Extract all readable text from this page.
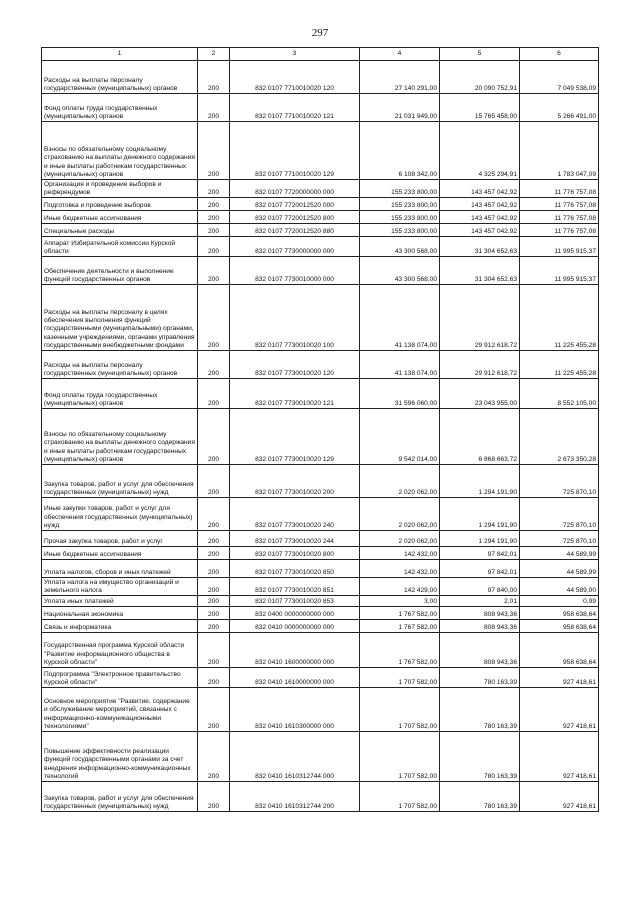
297
1	2	3	4	5	6
Расходы на выплаты персоналу государственных (муниципальных) органов	200	832 0107 7710010020 120	27 140 291,00	20 090 752,91	7 049 538,09
Фонд оплаты труда государственных (муниципальных) органов	200	832 0107 7710010020 121	21 031 949,00	15 765 458,00	5 266 491,00
Взносы по обязательному социальному страхованию на выплаты денежного содержания и иные выплаты работникам государственных (муниципальных) органов	200	832 0107 7710010020 129	6 108 342,00	4 325 294,91	1 783 047,09
Организация и проведение выборов и референдумов	200	832 0107 7720000000 000	155 233 800,00	143 457 042,92	11 776 757,08
Подготовка и проведение выборов	200	832 0107 7720012520 000	155 233 800,00	143 457 042,92	11 776 757,08
Иные бюджетные ассигнования	200	832 0107 7720012520 800	155 233 800,00	143 457 042,92	11 776 757,08
Специальные расходы	200	832 0107 7720012520 880	155 233 800,00	143 457 042,92	11 776 757,08
Аппарат Избирательной комиссии Курской области	200	832 0107 7730000000 000	43 300 568,00	31 304 652,63	11 995 915,37
Обеспечение деятельности и выполнение функций государственных органов	200	832 0107 7730010000 000	43 300 568,00	31 304 652,63	11 995 915,37
Расходы на выплаты персоналу в целях обеспечения выполнения функций государственными (муниципальными) органами, казенными учреждениями, органами управления государственными внебюджетными фондами	200	832 0107 7730010020 100	41 138 074,00	29 912 618,72	11 225 455,28
Расходы на выплаты персоналу государственных (муниципальных) органов	200	832 0107 7730010020 120	41 138 074,00	29 912 618,72	11 225 455,28
Фонд оплаты труда государственных (муниципальных) органов	200	832 0107 7730010020 121	31 596 060,00	23 043 955,00	8 552 105,00
Взносы по обязательному социальному страхованию на выплаты денежного содержания и иные выплаты работникам государственных (муниципальных) органов	200	832 0107 7730010020 129	9 542 014,00	6 868 663,72	2 673 350,28
Закупка товаров, работ и услуг для обеспечения государственных (муниципальных) нужд	200	832 0107 7730010020 200	2 020 062,00	1 294 191,90	725 870,10
Иные закупки товаров, работ и услуг для обеспечения государственных (муниципальных) нужд	200	832 0107 7730010020 240	2 020 062,00	1 294 191,90	725 870,10
Прочая закупка товаров, работ и услуг	200	832 0107 7730010020 244	2 020 062,00	1 294 191,90	725 870,10
Иные бюджетные ассигнования	200	832 0107 7730010020 800	142 432,00	97 842,01	44 589,99
Уплата налогов, сборов и иных платежей	200	832 0107 7730010020 850	142 432,00	97 842,01	44 589,99
Уплата налога на имущество организаций и земельного налога	200	832 0107 7730010020 851	142 429,00	97 840,00	44 589,00
Уплата иных платежей	200	832 0107 7730010020 853	3,00	2,01	0,99
Национальная экономика	200	832 0400 0000000000 000	1 767 582,00	808 943,36	958 638,64
Связь и информатика	200	832 0410 0000000000 000	1 767 582,00	808 943,36	958 638,64
Государственная программа Курской области "Развитие информационного общества в Курской области"	200	832 0410 1600000000 000	1 767 582,00	808 943,36	958 638,64
Подпрограмма "Электронное правительство Курской области"	200	832 0410 1610000000 000	1 707 582,00	780 163,39	927 418,61
Основное мероприятие "Развитие, содержание и обслуживание мероприятий, связанных с информационно-коммуникационными технологиями"	200	832 0410 1610300000 000	1 707 582,00	780 163,39	927 418,61
Повышение эффективности реализации функций государственными органами за счет внедрения информационно-коммуникационных технологий	200	832 0410 1610312744 000	1 707 582,00	780 163,39	927 418,61
Закупка товаров, работ и услуг для обеспечения государственных (муниципальных) нужд	200	832 0410 1610312744 200	1 707 582,00	780 163,39	927 418,61
